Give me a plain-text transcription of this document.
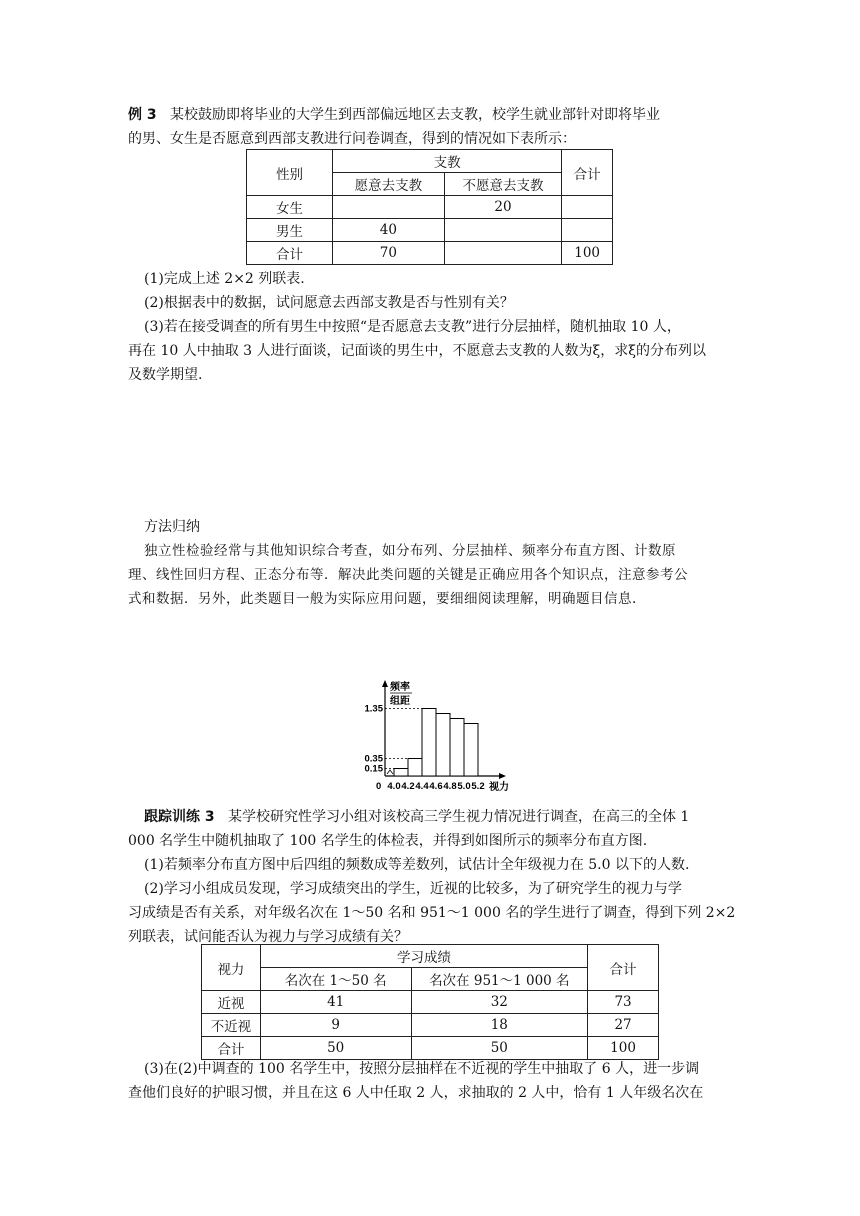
例 3 某校鼓励即将毕业的大学生到西部偏远地区去支教，校学生就业部针对即将毕业
的男、女生是否愿意到西部支教进行问卷调查，得到的情况如下表所示：
性别	支教		合计
	愿意去支教	不愿意去支教	
女生		20	
男生	40		
合计	70		100
(1)完成上述 2×2 列联表.
(2)根据表中的数据，试问愿意去西部支教是否与性别有关？
(3)若在接受调查的所有男生中按照“是否愿意去支教”进行分层抽样，随机抽取 10 人，
再在 10 人中抽取 3 人进行面谈，记面谈的男生中，不愿意去支教的人数为ξ，求ξ的分布列以
及数学期望.
方法归纳
独立性检验经常与其他知识综合考查，如分布列、分层抽样、频率分布直方图、计数原
理、线性回归方程、正态分布等．解决此类问题的关键是正确应用各个知识点，注意参考公
式和数据．另外，此类题目一般为实际应用问题，要细细阅读理解，明确题目信息.
频率
组距
视力
0
1.35
0.35
0.15
4.0 4.2 4.4 4.6 4.8 5.0 5.2
跟踪训练 3 某学校研究性学习小组对该校高三学生视力情况进行调查，在高三的全体 1
000 名学生中随机抽取了 100 名学生的体检表，并得到如图所示的频率分布直方图.
(1)若频率分布直方图中后四组的频数成等差数列，试估计全年级视力在 5.0 以下的人数.
(2)学习小组成员发现，学习成绩突出的学生，近视的比较多，为了研究学生的视力与学
习成绩是否有关系，对年级名次在 1～50 名和 951～1 000 名的学生进行了调查，得到下列 2×2
列联表，试问能否认为视力与学习成绩有关？
视力	学习成绩		合计
	名次在 1～50 名	名次在 951～1 000 名	
近视	41	32	73
不近视	9	18	27
合计	50	50	100
(3)在(2)中调查的 100 名学生中，按照分层抽样在不近视的学生中抽取了 6 人，进一步调
查他们良好的护眼习惯，并且在这 6 人中任取 2 人，求抽取的 2 人中，恰有 1 人年级名次在
